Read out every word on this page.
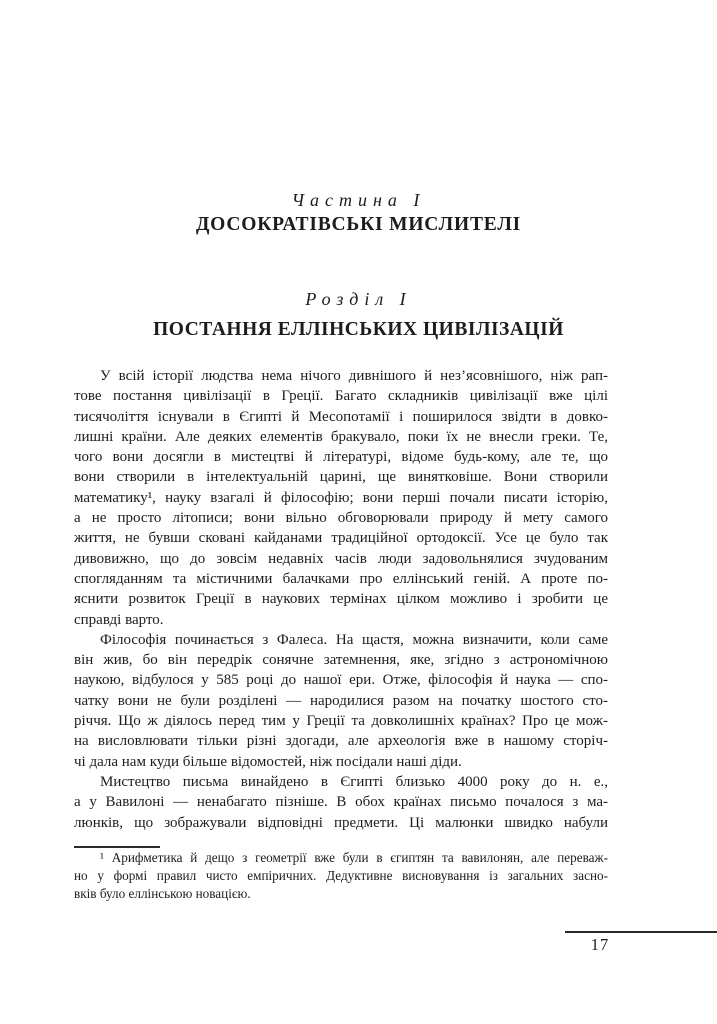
Частина I
ДОСОКРАТІВСЬКІ МИСЛИТЕЛІ
Розділ I
ПОСТАННЯ ЕЛЛІНСЬКИХ ЦИВІЛІЗАЦІЙ
У всій історії людства нема нічого дивнішого й нез’ясовнішого, ніж рап-
тове постання цивілізації в Греції. Багато складників цивілізації вже цілі
тисячоліття існували в Єгипті й Месопотамії і поширилося звідти в довко-
лишні країни. Але деяких елементів бракувало, поки їх не внесли греки. Те,
чого вони досягли в мистецтві й літературі, відоме будь-кому, але те, що
вони створили в інтелектуальній царині, ще винятковіше. Вони створили
математику¹, науку взагалі й філософію; вони перші почали писати історію,
а не просто літописи; вони вільно обговорювали природу й мету самого
життя, не бувши сковані кайданами традиційної ортодоксії. Усе це було так
дивовижно, що до зовсім недавніх часів люди задовольнялися зчудованим
спогляданням та містичними балачками про еллінський геній. А проте по-
яснити розвиток Греції в наукових термінах цілком можливо і зробити це
справді варто.
Філософія починається з Фалеса. На щастя, можна визначити, коли саме
він жив, бо він передрік сонячне затемнення, яке, згідно з астрономічною
наукою, відбулося у 585 році до нашої ери. Отже, філософія й наука — спо-
чатку вони не були розділені — народилися разом на початку шостого сто-
річчя. Що ж діялось перед тим у Греції та довколишніх країнах? Про це мож-
на висловлювати тільки різні здогади, але археологія вже в нашому сторіч-
чі дала нам куди більше відомостей, ніж посідали наші діди.
Мистецтво письма винайдено в Єгипті близько 4000 року до н. е.,
а у Вавилоні — ненабагато пізніше. В обох країнах письмо почалося з ма-
люнків, що зображували відповідні предмети. Ці малюнки швидко набули
¹ Арифметика й дещо з геометрії вже були в єгиптян та вавилонян, але переваж-
но у формі правил чисто емпіричних. Дедуктивне висновування із загальних засно-
вків було еллінською новацією.
17
